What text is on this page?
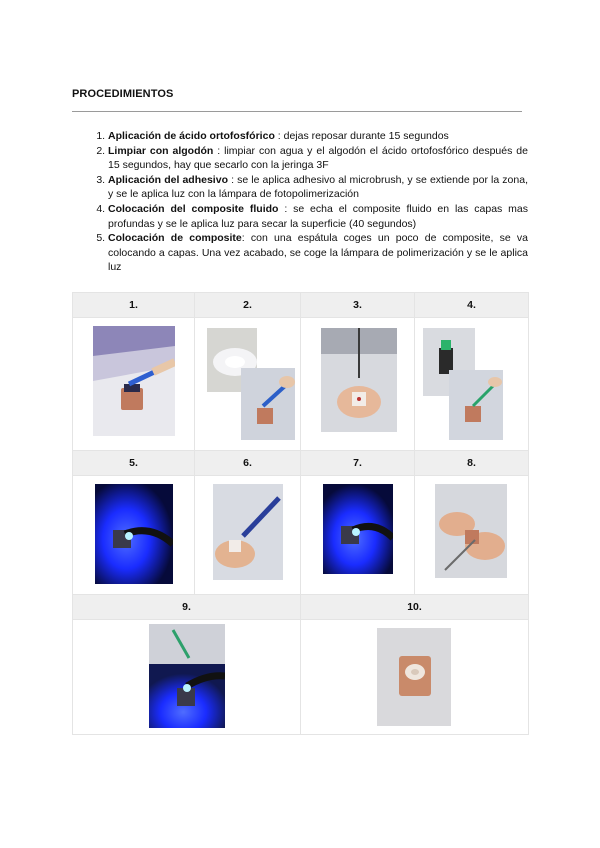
PROCEDIMIENTOS
1. Aplicación de ácido ortofosfórico : dejas reposar durante 15 segundos
2. Limpiar con algodón : limpiar con agua y el algodón el ácido ortofosfórico después de 15 segundos, hay que secarlo con la jeringa 3F
3. Aplicación del adhesivo : se le aplica adhesivo al microbrush, y se extiende por la zona, y se le aplica luz con la lámpara de fotopolimerización
4. Colocación del composite fluido : se echa el composite fluido en las capas mas profundas y se le aplica luz para secar la superficie (40 segundos)
5. Colocación de composite: con una espátula coges un poco de composite, se va colocando a capas. Una vez acabado, se coge la lámpara de polimerización y se le aplica luz
1.	2.	3.	4.

5.	6.	7.	8.

9.		10.	
